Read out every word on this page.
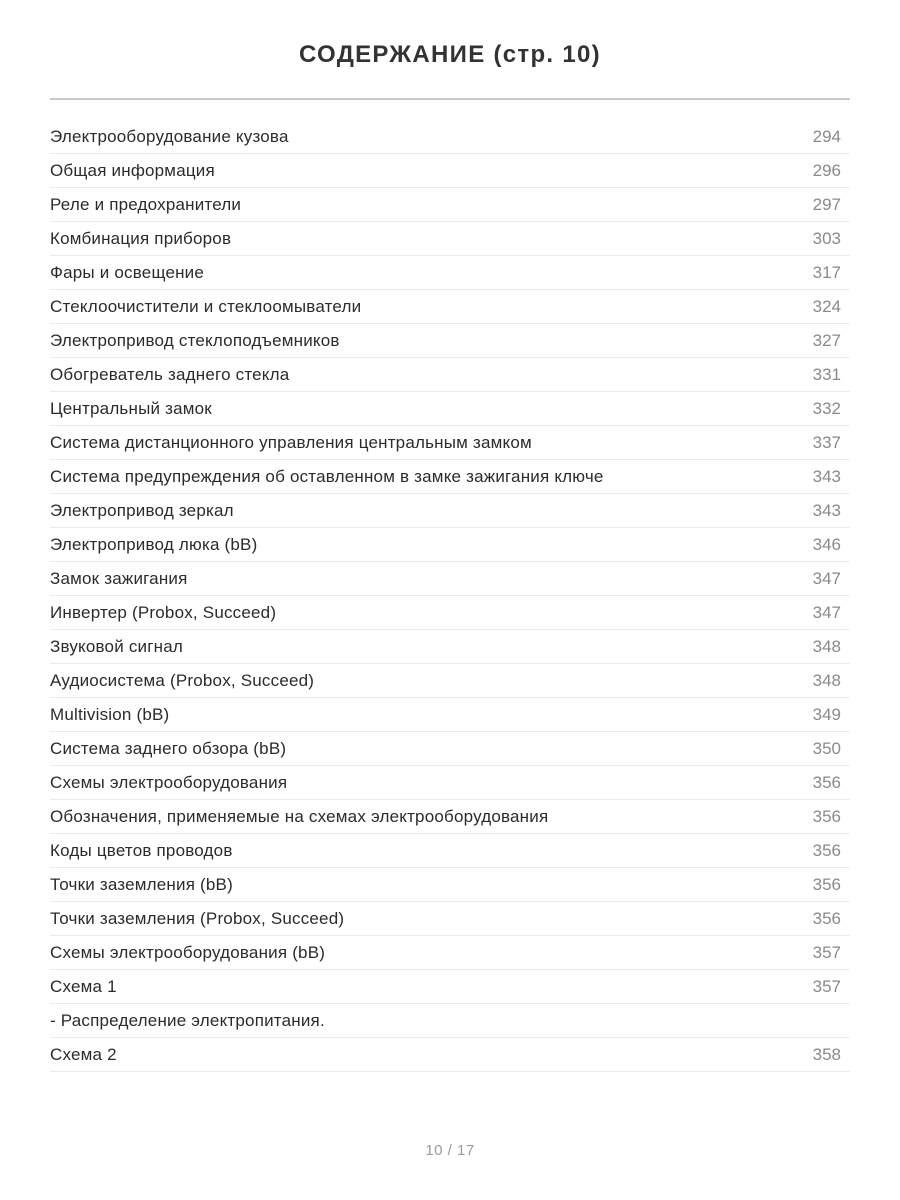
СОДЕРЖАНИЕ (стр. 10)
Электрооборудование кузова	294
Общая информация	296
Реле и предохранители	297
Комбинация приборов	303
Фары и освещение	317
Стеклоочистители и стеклоомыватели	324
Электропривод стеклоподъемников	327
Обогреватель заднего стекла	331
Центральный замок	332
Система дистанционного управления центральным замком	337
Система предупреждения об оставленном в замке зажигания ключе	343
Электропривод зеркал	343
Электропривод люка (bB)	346
Замок зажигания	347
Инвертер (Probox, Succeed)	347
Звуковой сигнал	348
Аудиосистема (Probox, Succeed)	348
Multivision (bB)	349
Система заднего обзора (bB)	350
Схемы электрооборудования	356
Обозначения, применяемые на схемах электрооборудования	356
Коды цветов проводов	356
Точки заземления (bB)	356
Точки заземления (Probox, Succeed)	356
Схемы электрооборудования (bB)	357
Схема 1	357
- Распределение электропитания.
Схема 2	358
10 / 17
